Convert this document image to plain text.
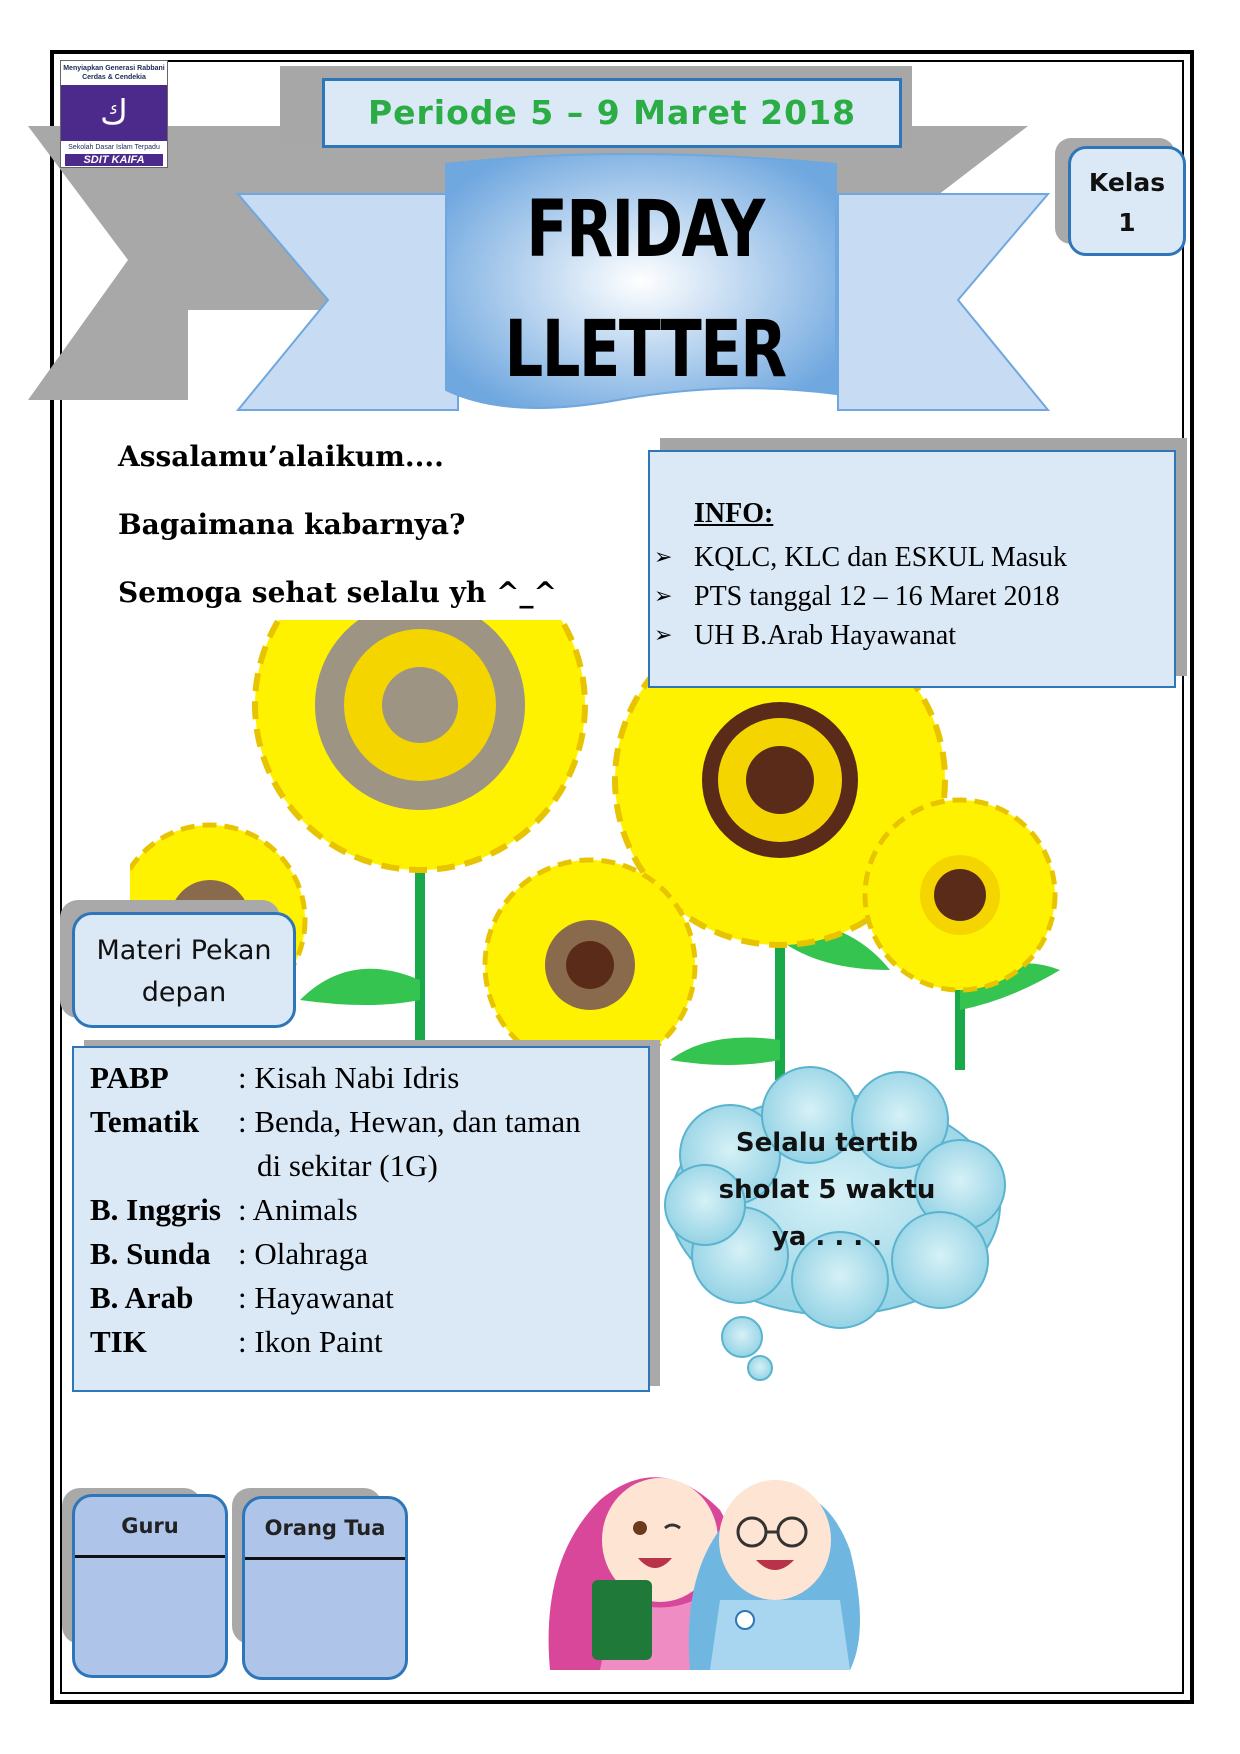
Menyiapkan Generasi Rabbani Cerdas & Cendekia
ك
Sekolah Dasar Islam Terpadu
SDIT KAIFA
Periode 5 – 9 Maret 2018
Kelas
1
FRIDAY
LLETTER
Assalamu’alaikum....
Bagaimana kabarnya?
Semoga sehat selalu yh ^_^
INFO:
➢ KQLC, KLC dan ESKUL Masuk
➢ PTS tanggal 12 – 16 Maret 2018
➢ UH B.Arab Hayawanat
Materi Pekan
depan
PABP : Kisah Nabi Idris
Tematik : Benda, Hewan, dan taman
di sekitar (1G)
B. Inggris : Animals
B. Sunda : Olahraga
B. Arab : Hayawanat
TIK	: Ikon Paint
Selalu tertib
sholat 5 waktu
ya . . . .
Guru	Orang Tua
